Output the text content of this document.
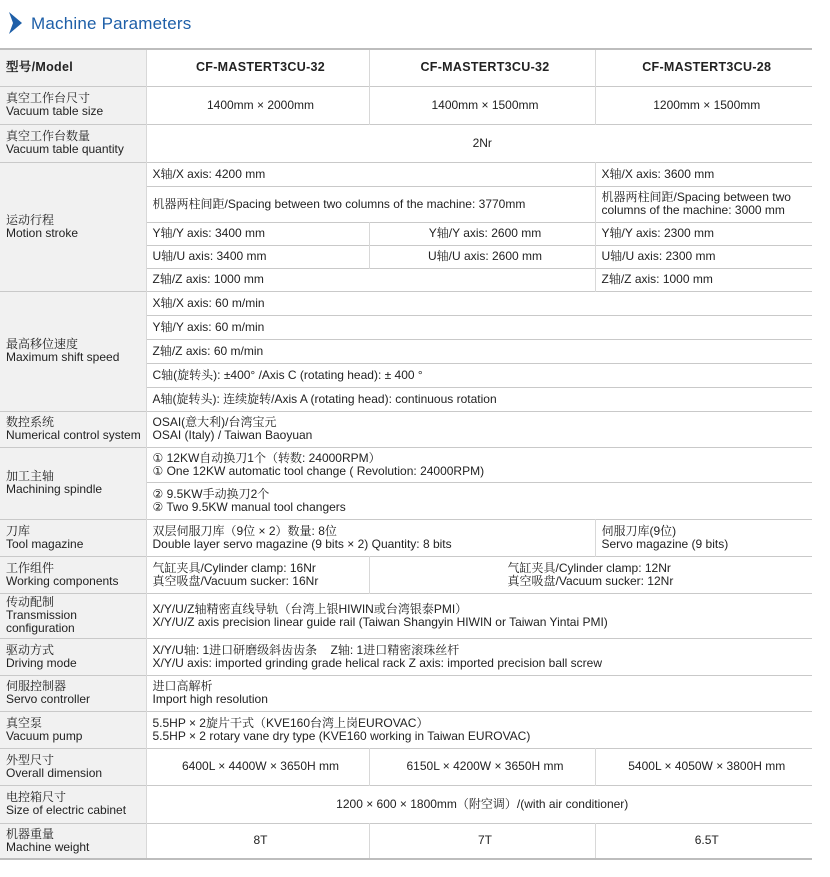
Machine Parameters
型号/Model	CF-MASTERT3CU-32	CF-MASTERT3CU-32	CF-MASTERT3CU-28

真空工作台尺寸
Vacuum table size	1400mm × 2000mm	1400mm × 1500mm	1200mm × 1500mm

真空工作台数量
Vacuum table quantity	2Nr		

运动行程
Motion stroke	X轴/X axis: 4200 mm		X轴/X axis: 3600 mm
	机器两柱间距/Spacing between two columns of the machine: 3770mm		机器两柱间距/Spacing between two
columns of the machine: 3000 mm

	Y轴/Y axis: 3400 mm	Y轴/Y axis: 2600 mm	Y轴/Y axis: 2300 mm
	U轴/U axis: 3400 mm	U轴/U axis: 2600 mm	U轴/U axis: 2300 mm
	Z轴/Z axis: 1000 mm		Z轴/Z axis: 1000 mm

最高移位速度
Maximum shift speed	X轴/X axis: 60 m/min		
	Y轴/Y axis: 60 m/min		
	Z轴/Z axis: 60 m/min		
	C轴(旋转头): ±400° /Axis C (rotating head): ± 400 °		
	A轴(旋转头): 连续旋转/Axis A (rotating head): continuous rotation		

数控系统
Numerical control system	OSAI(意大利)/台湾宝元
OSAI (Italy) / Taiwan Baoyuan		

加工主轴
Machining spindle	① 12KW自动换刀1个（转数: 24000RPM）
① One 12KW automatic tool change ( Revolution: 24000RPM)		

	② 9.5KW手动换刀2个
② Two 9.5KW manual tool changers		

刀库
Tool magazine	双层伺服刀库（9位 × 2）数量: 8位
Double layer servo magazine (9 bits × 2) Quantity: 8 bits		伺服刀库(9位)
Servo magazine (9 bits)

工作组件
Working components	气缸夹具/Cylinder clamp: 16Nr
真空吸盘/Vacuum sucker: 16Nr	气缸夹具/Cylinder clamp: 12Nr
真空吸盘/Vacuum sucker: 12Nr	

传动配制
Transmission
configuration	X/Y/U/Z轴精密直线导轨（台湾上银HIWIN或台湾银泰PMI）
X/Y/U/Z axis precision linear guide rail (Taiwan Shangyin HIWIN or Taiwan Yintai PMI)		

驱动方式
Driving mode	X/Y/U轴: 1进口研磨级斜齿齿条    Z轴: 1进口精密滚珠丝杆
X/Y/U axis: imported grinding grade helical rack Z axis: imported precision ball screw		

伺服控制器
Servo controller	进口高解析
Import high resolution		

真空泵
Vacuum pump	5.5HP × 2旋片干式（KVE160台湾上岗EUROVAC）
5.5HP × 2 rotary vane dry type (KVE160 working in Taiwan EUROVAC)		

外型尺寸
Overall dimension	6400L × 4400W × 3650H mm	6150L × 4200W × 3650H mm	5400L × 4050W × 3800H mm

电控箱尺寸
Size of electric cabinet	1200 × 600 × 1800mm（附空调）/(with air conditioner)		

机器重量
Machine weight	8T	7T	6.5T
